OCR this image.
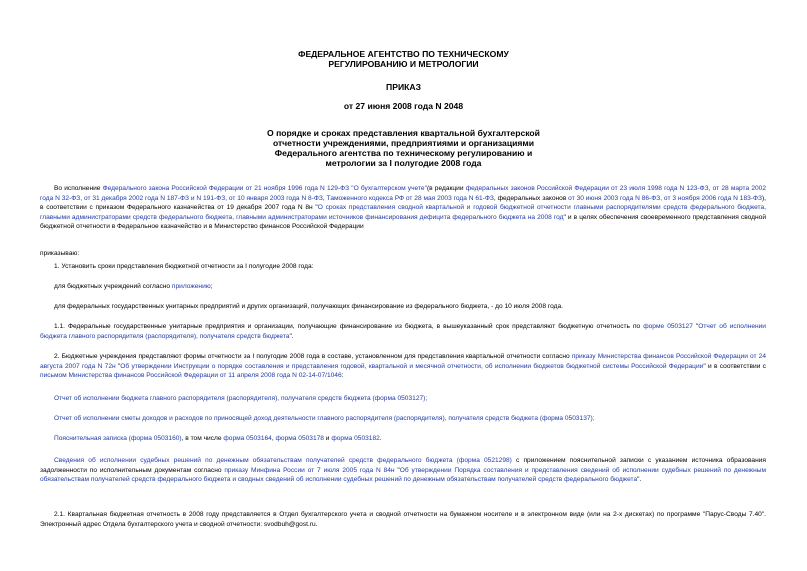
ФЕДЕРАЛЬНОЕ АГЕНТСТВО ПО ТЕХНИЧЕСКОМУ
РЕГУЛИРОВАНИЮ И МЕТРОЛОГИИ
ПРИКАЗ
от 27 июня 2008 года N 2048
О порядке и сроках представления квартальной бухгалтерской
отчетности учреждениями, предприятиями и организациями
Федерального агентства по техническому регулированию и
метрологии за I полугодие 2008 года
Во исполнение Федерального закона Российской Федерации от 21 ноября 1996 года N 129-ФЗ "О бухгалтерском учете"(в редакции федеральных законов Российской Федерации от 23 июля 1998 года N 123-ФЗ, от 28 марта 2002 года N 32-ФЗ, от 31 декабря 2002 года N 187-ФЗ и N 191-ФЗ, от 10 января 2003 года N 8-ФЗ, Таможенного кодекса РФ от 28 мая 2003 года N 61-ФЗ, федеральных законов от 30 июня 2003 года N 86-ФЗ, от 3 ноября 2006 года N 183-ФЗ), в соответствии с приказом Федерального казначейства от 19 декабря 2007 года N 8н "О сроках представления сводной квартальной и годовой бюджетной отчетности главными распорядителями средств федерального бюджета, главными администраторами средств федерального бюджета, главными администраторами источников финансирования дефицита федерального бюджета на 2008 год" и в целях обеспечения своевременного представления сводной бюджетной отчетности в Федеральное казначейство и в Министерство финансов Российской Федерации
приказываю:
1. Установить сроки представления бюджетной отчетности за I полугодие 2008 года:
для бюджетных учреждений согласно приложению;
для федеральных государственных унитарных предприятий и других организаций, получающих финансирование из федерального бюджета, - до 10 июля 2008 года.
1.1. Федеральные государственные унитарные предприятия и организации, получающие финансирование из бюджета, в вышеуказанный срок представляют бюджетную отчетность по форме 0503127 "Отчет об исполнении бюджета главного распорядителя (распорядителя), получателя средств бюджета".
2. Бюджетные учреждения представляют формы отчетности за I полугодие 2008 года в составе, установленном для представления квартальной отчетности согласно приказу Министерства финансов Российской Федерации от 24 августа 2007 года N 72н "Об утверждении Инструкции о порядке составления и представления годовой, квартальной и месячной отчетности, об исполнении бюджетов бюджетной системы Российской Федерации" и в соответствии с письмом Министерства финансов Российской Федерации от 11 апреля 2008 года N 02-14-07/1046:
Отчет об исполнении бюджета главного распорядителя (распорядителя), получателя средств бюджета (форма 0503127);
Отчет об исполнении сметы доходов и расходов по приносящей доход деятельности главного распорядителя (распорядителя), получателя средств бюджета (форма 0503137);
Пояснительная записка (форма 0503160), в том числе форма 0503164, форма 0503178 и форма 0503182.
Сведения об исполнении судебных решений по денежным обязательствам получателей средств федерального бюджета (форма 0521298) с приложением пояснительной записки с указанием источника образования задолженности по исполнительным документам согласно приказу Минфина России от 7 июля 2005 года N 84н "Об утверждении Порядка составления и представления сведений об исполнении судебных решений по денежным обязательствам получателей средств федерального бюджета и сводных сведений об исполнении судебных решений по денежным обязательствам получателей средств федерального бюджета".
2.1. Квартальная бюджетная отчетность в 2008 году представляется в Отдел бухгалтерского учета и сводной отчетности на бумажном носителе и в электронном виде (или на 2-х дискетах) по программе "Парус-Своды 7.40". Электронный адрес Отдела бухгалтерского учета и сводной отчетности: svodbuh@gost.ru.
